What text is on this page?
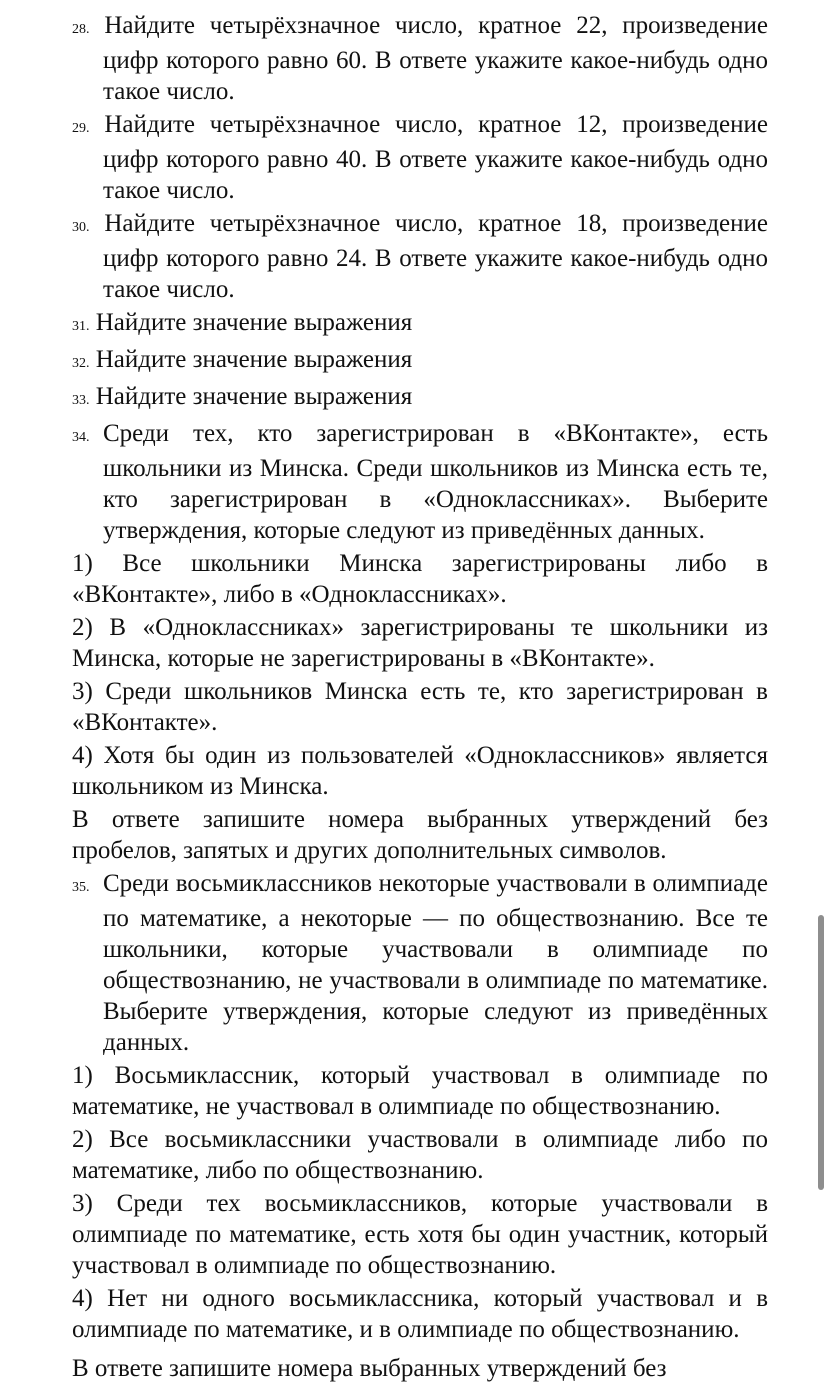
28. Найдите четырёхзначное число, кратное 22, произведение цифр которого равно 60. В ответе укажите какое-нибудь одно такое число.
29. Найдите четырёхзначное число, кратное 12, произведение цифр которого равно 40. В ответе укажите какое-нибудь одно такое число.
30. Найдите четырёхзначное число, кратное 18, произведение цифр которого равно 24. В ответе укажите какое-нибудь одно такое число.
31. Найдите значение выражения
32. Найдите значение выражения
33. Найдите значение выражения
34. Среди тех, кто зарегистрирован в «ВКонтакте», есть школьники из Минска. Среди школьников из Минска есть те, кто зарегистрирован в «Одноклассниках». Выберите утверждения, которые следуют из приведённых данных.
1) Все школьники Минска зарегистрированы либо в «ВКонтакте», либо в «Одноклассниках».
2) В «Одноклассниках» зарегистрированы те школьники из Минска, которые не зарегистрированы в «ВКонтакте».
3) Среди школьников Минска есть те, кто зарегистрирован в «ВКонтакте».
4) Хотя бы один из пользователей «Одноклассников» является школьником из Минска.
В ответе запишите номера выбранных утверждений без пробелов, запятых и других дополнительных символов.
35. Среди восьмиклассников некоторые участвовали в олимпиаде по математике, а некоторые — по обществознанию. Все те школьники, которые участвовали в олимпиаде по обществознанию, не участвовали в олимпиаде по математике. Выберите утверждения, которые следуют из приведённых данных.
1) Восьмиклассник, который участвовал в олимпиаде по математике, не участвовал в олимпиаде по обществознанию.
2) Все восьмиклассники участвовали в олимпиаде либо по математике, либо по обществознанию.
3) Среди тех восьмиклассников, которые участвовали в олимпиаде по математике, есть хотя бы один участник, который участвовал в олимпиаде по обществознанию.
4) Нет ни одного восьмиклассника, который участвовал и в олимпиаде по математике, и в олимпиаде по обществознанию.
В ответе запишите номера выбранных утверждений без
